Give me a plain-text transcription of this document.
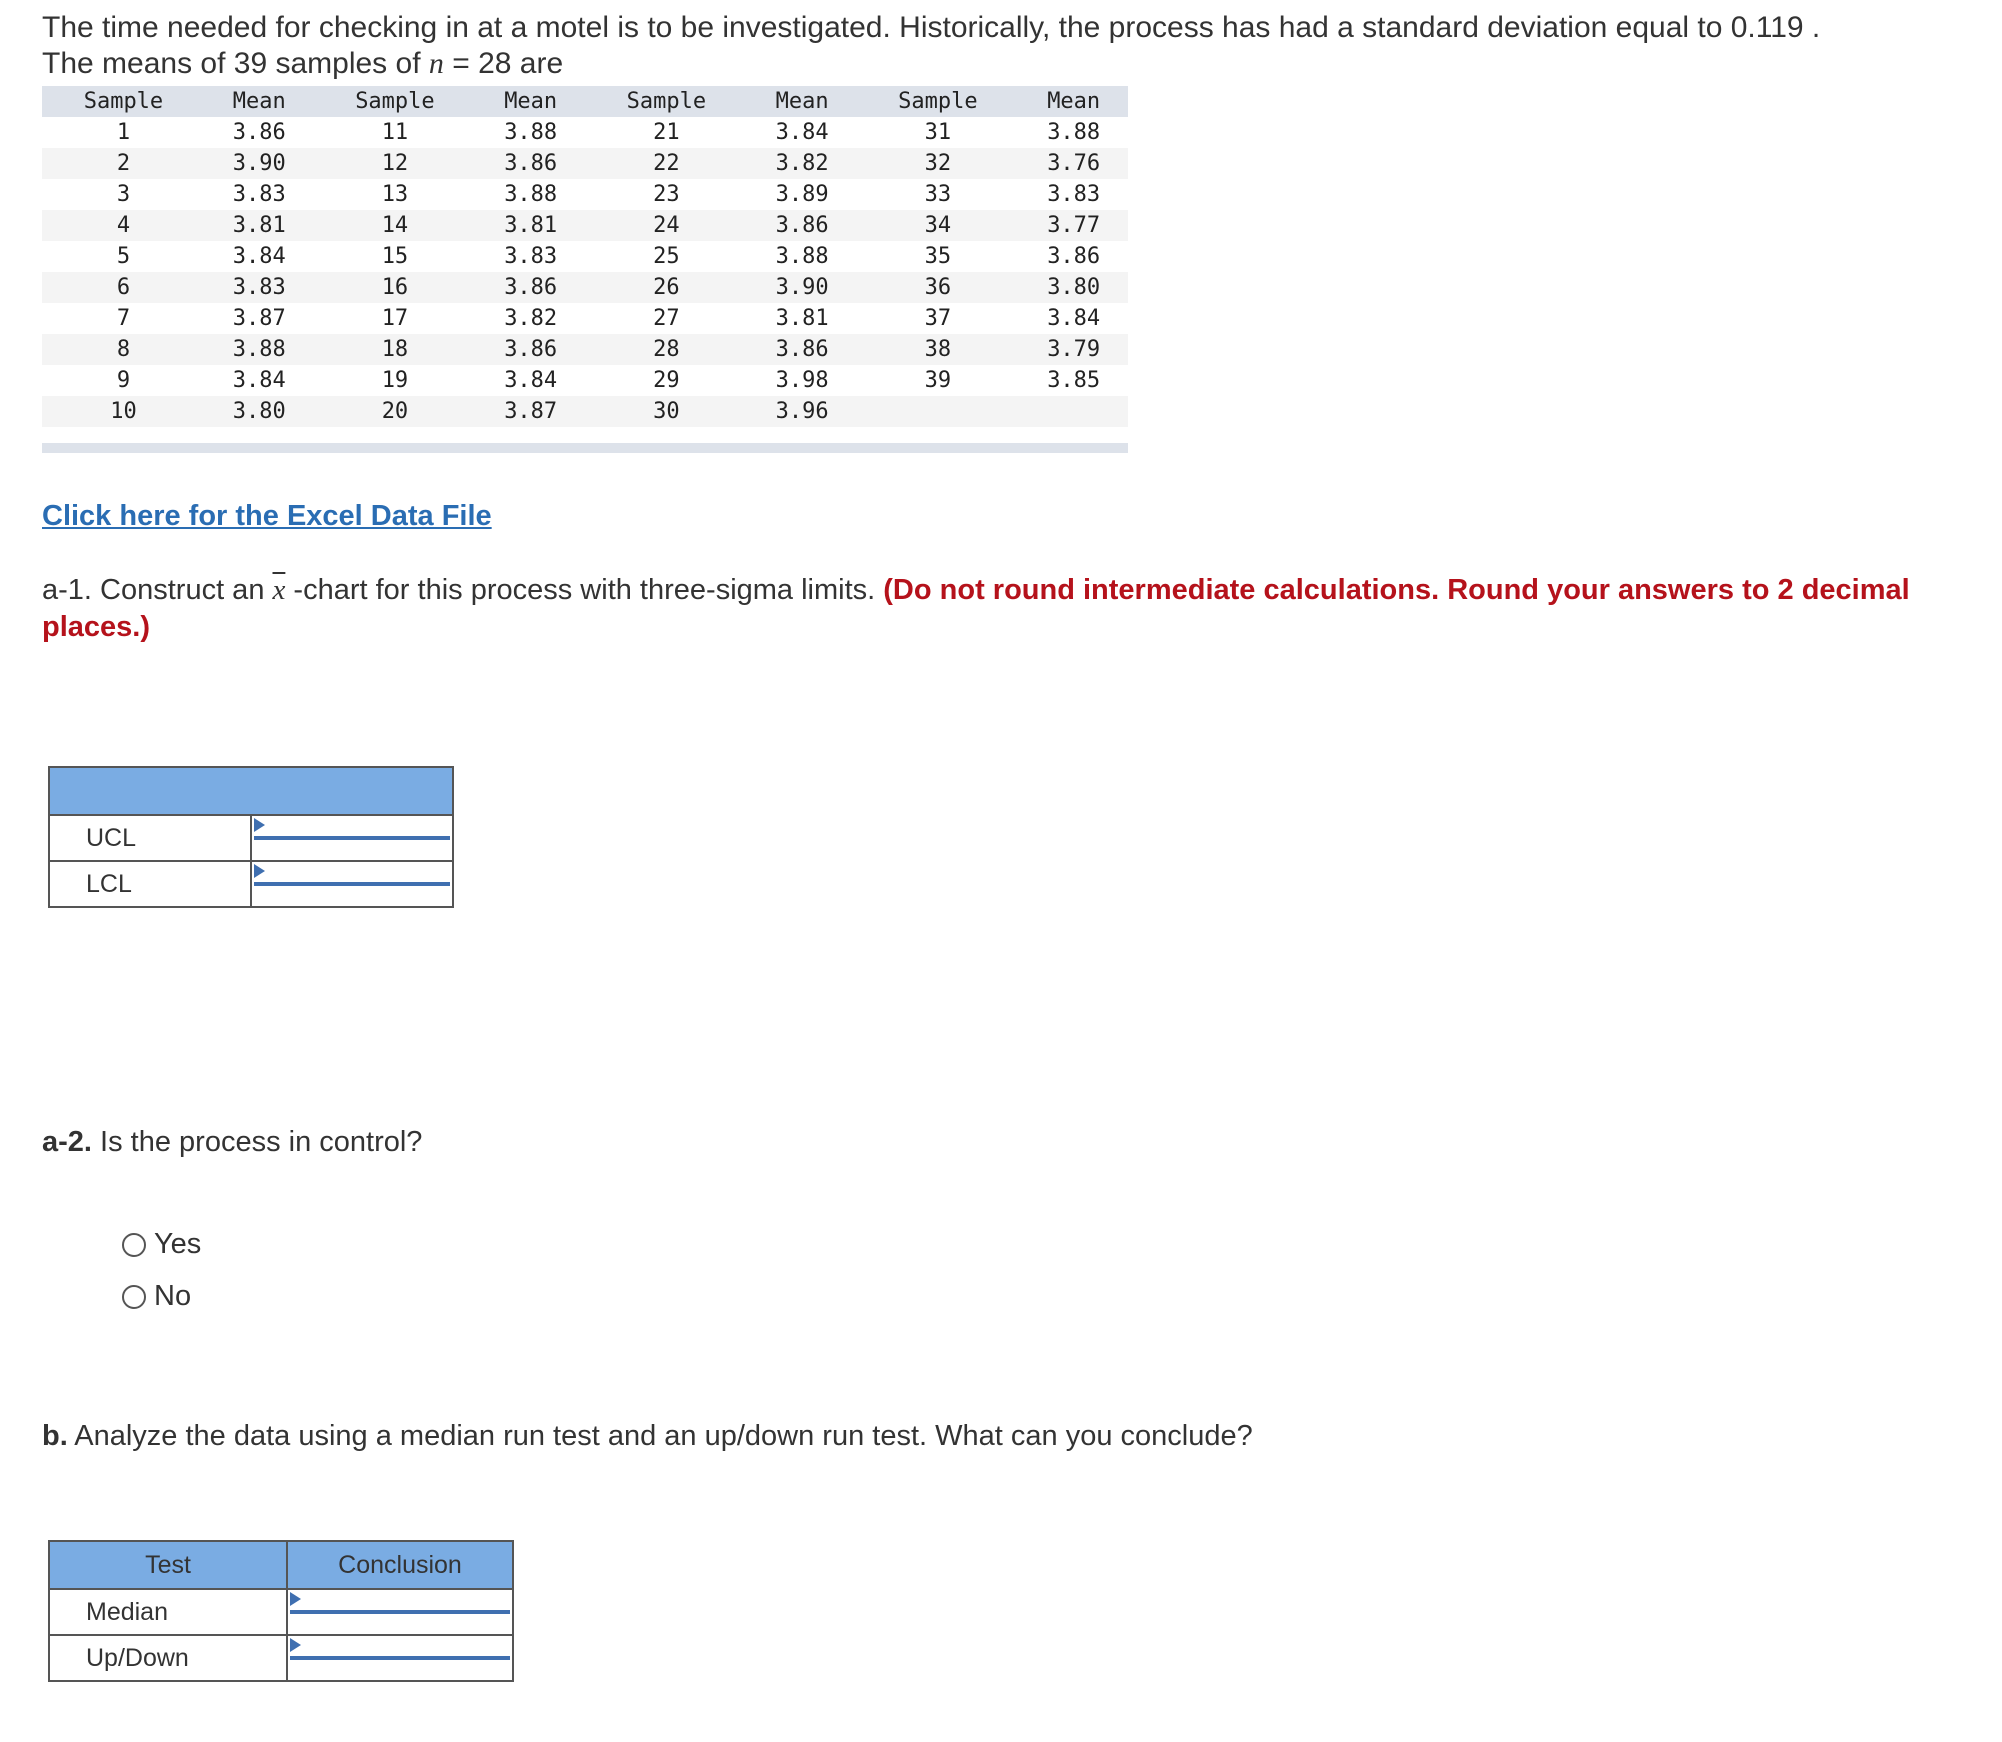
The time needed for checking in at a motel is to be investigated. Historically, the process has had a standard deviation equal to 0.119 .
The means of 39 samples of n = 28 are
Sample	Mean	Sample	Mean	Sample	Mean	Sample	Mean
1	3.86	11	3.88	21	3.84	31	3.88
2	3.90	12	3.86	22	3.82	32	3.76
3	3.83	13	3.88	23	3.89	33	3.83
4	3.81	14	3.81	24	3.86	34	3.77
5	3.84	15	3.83	25	3.88	35	3.86
6	3.83	16	3.86	26	3.90	36	3.80
7	3.87	17	3.82	27	3.81	37	3.84
8	3.88	18	3.86	28	3.86	38	3.79
9	3.84	19	3.84	29	3.98	39	3.85
10	3.80	20	3.87	30	3.96		
Click here for the Excel Data File
a-1. Construct an $\overline{x}$ -chart for this process with three-sigma limits. (Do not round intermediate calculations. Round your answers to 2 decimal places.)

UCL	

LCL	
a-2. Is the process in control?
Yes
No
b. Analyze the data using a median run test and an up/down run test. What can you conclude?
Test	Conclusion
Median	

Up/Down	
